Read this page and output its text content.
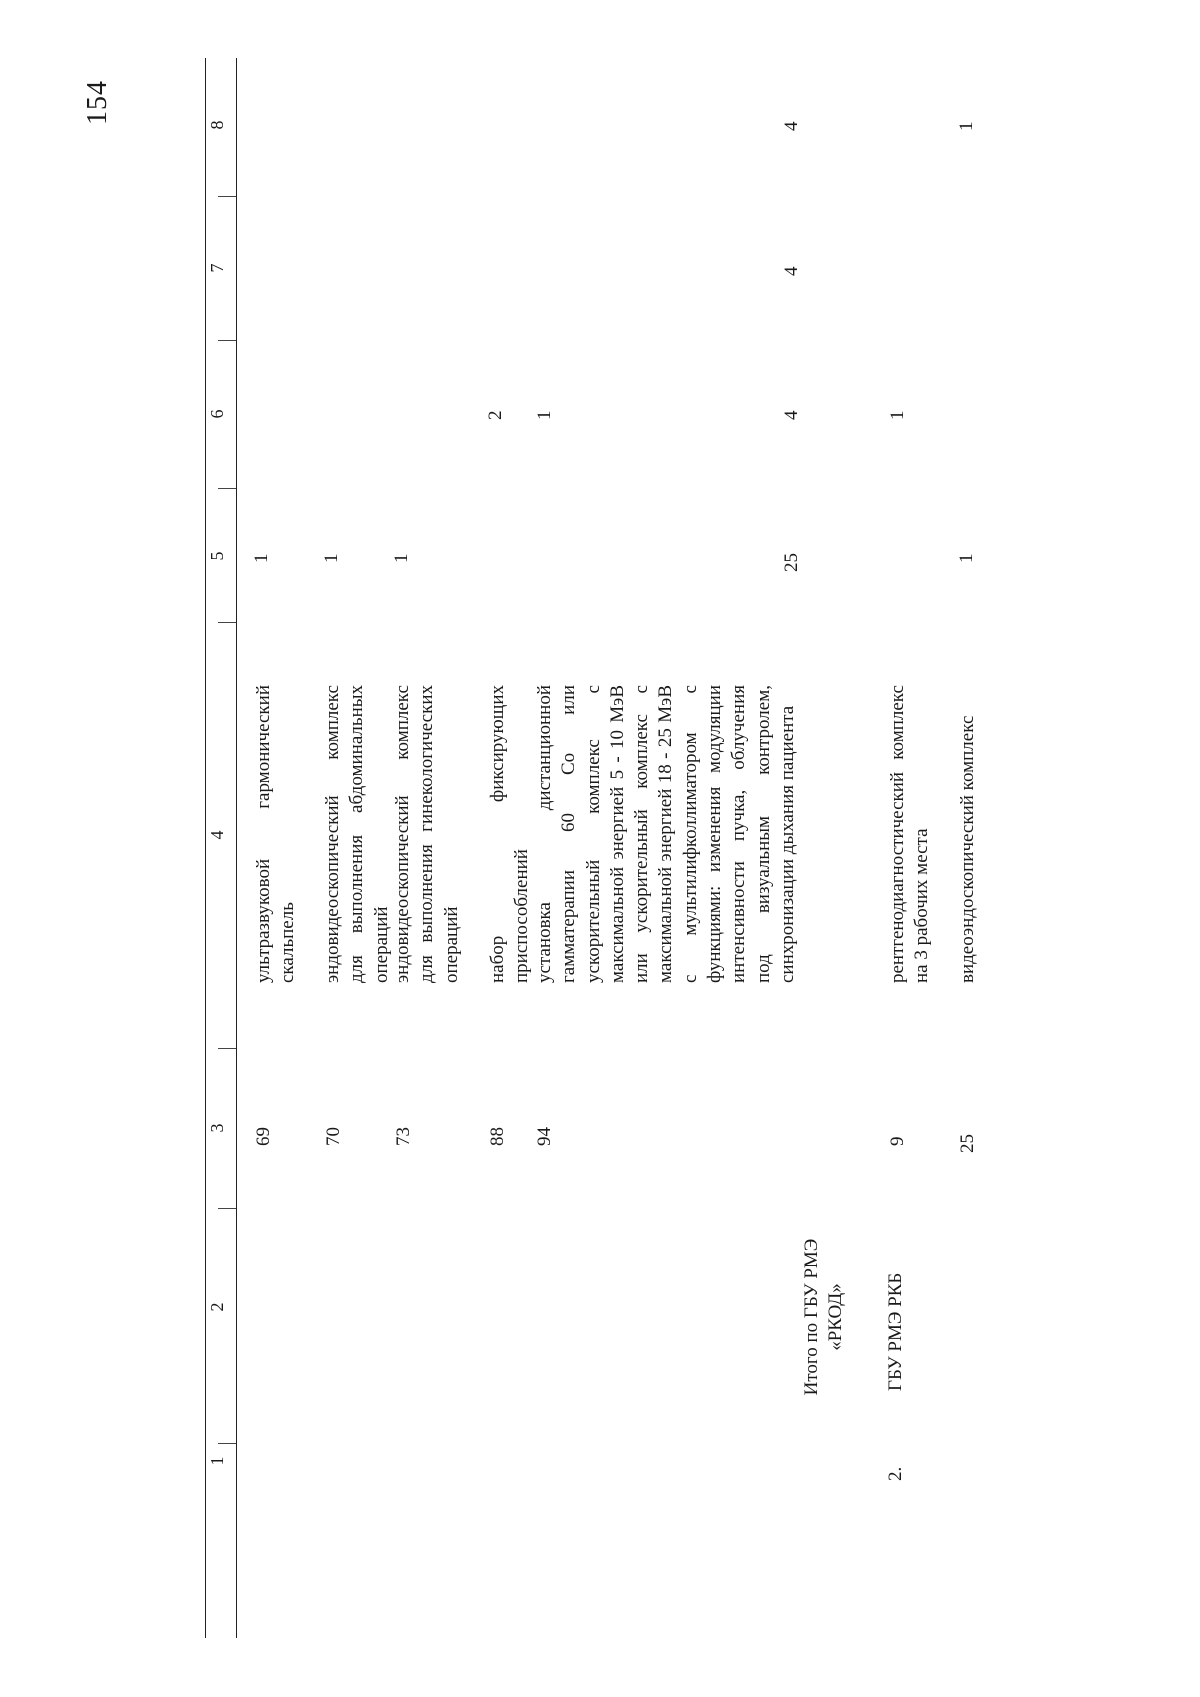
154
1
2
3
4
5
6
7
8
69
ультразвуковой гармонический скальпель
1
70
эндовидеоскопический комплекс для выполнения абдоминальных операций
1
73
эндовидеоскопический комплекс для выполнения гинекологических операций
1
88
набор фиксирующих приспособлений
2
94
установка дистанционной гамматерапии 60 Со или ускорительный комплекс с максимальной энергией 5 - 10 МэВ или ускорительный комплекс с максимальной энергией 18 - 25 МэВ с мультилифколлиматором с функциями: изменения модуляции интенсивности пучка, облучения под визуальным контролем, синхронизации дыхания пациента
1
Итого по ГБУ РМЭ «РКОД»
25
4
4
4
2.
ГБУ РМЭ РКБ
9
рентгенодиагностический комплекс на 3 рабочих места
1
25
видеоэндоскопический комплекс
1
1
